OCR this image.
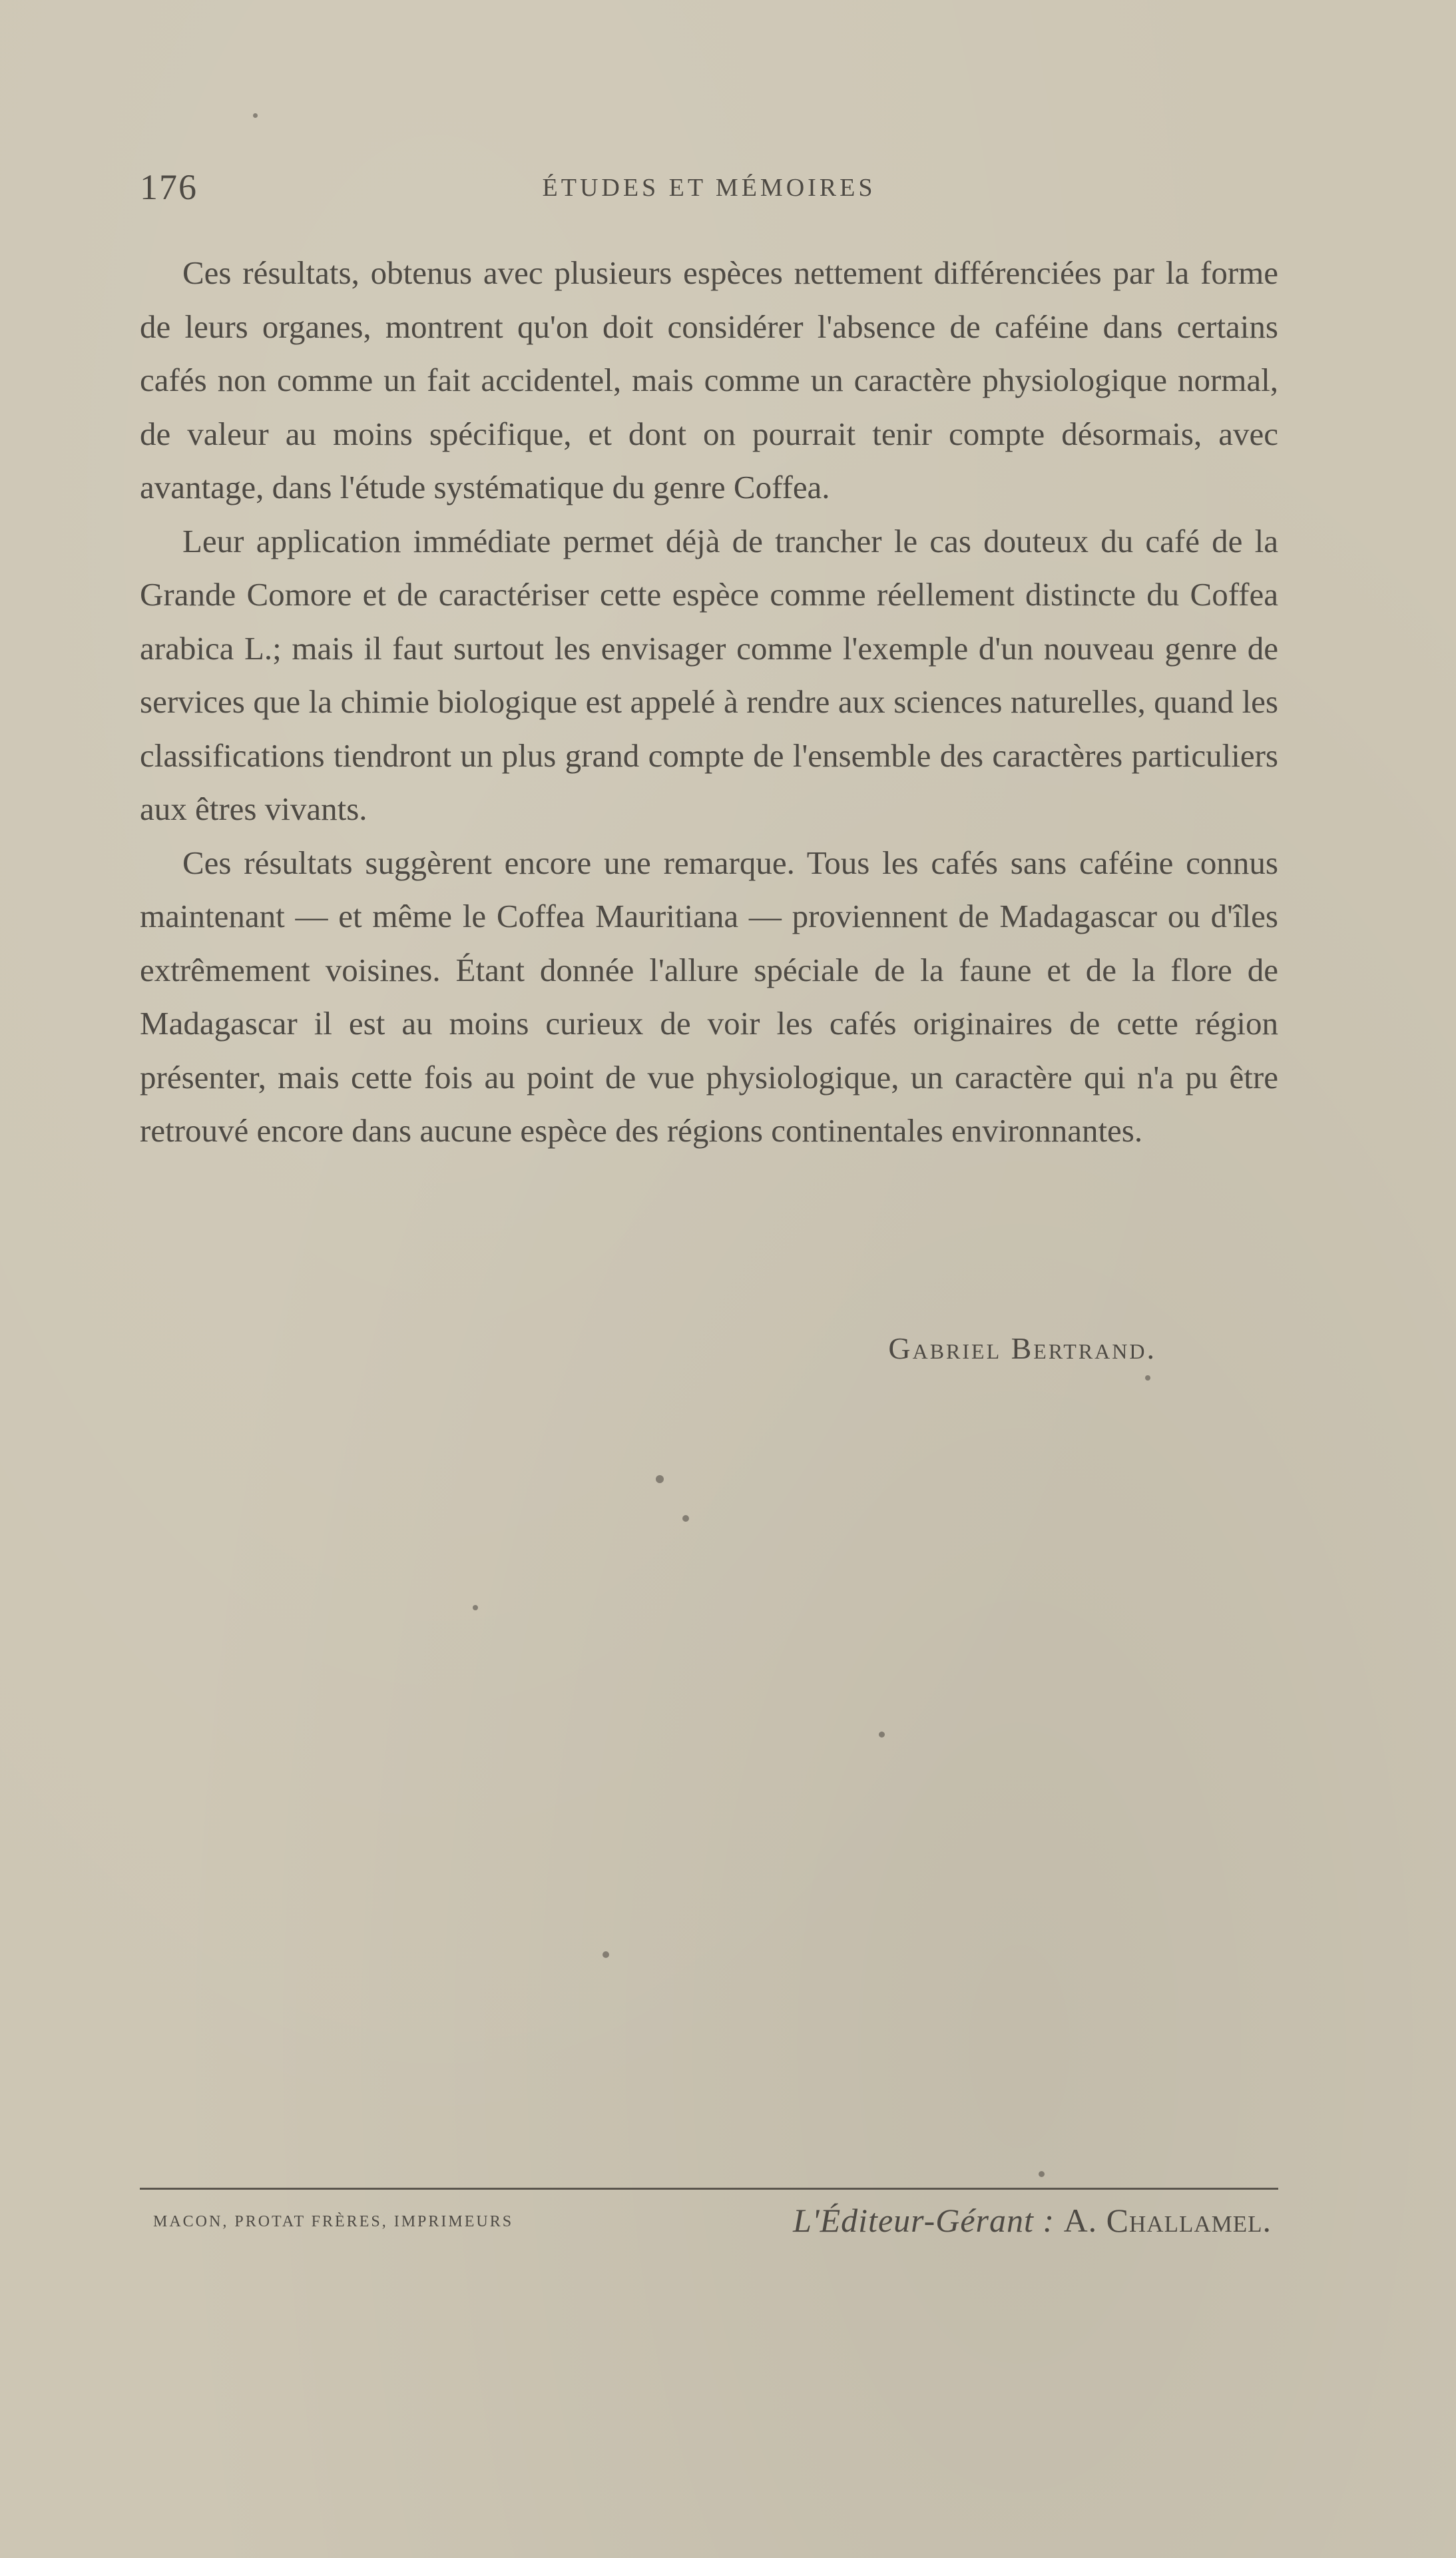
176	ÉTUDES ET MÉMOIRES

Ces résultats, obtenus avec plusieurs espèces nettement différenciées par la forme de leurs organes, montrent qu'on doit considérer l'absence de caféine dans certains cafés non comme un fait accidentel, mais comme un caractère physiologique normal, de valeur au moins spécifique, et dont on pourrait tenir compte désormais, avec avantage, dans l'étude systématique du genre Coffea.

Leur application immédiate permet déjà de trancher le cas douteux du café de la Grande Comore et de caractériser cette espèce comme réellement distincte du Coffea arabica L.; mais il faut surtout les envisager comme l'exemple d'un nouveau genre de services que la chimie biologique est appelé à rendre aux sciences naturelles, quand les classifications tiendront un plus grand compte de l'ensemble des caractères particuliers aux êtres vivants.

Ces résultats suggèrent encore une remarque. Tous les cafés sans caféine connus maintenant — et même le Coffea Mauritiana — proviennent de Madagascar ou d'îles extrêmement voisines. Étant donnée l'allure spéciale de la faune et de la flore de Madagascar il est au moins curieux de voir les cafés originaires de cette région présenter, mais cette fois au point de vue physiologique, un caractère qui n'a pu être retrouvé encore dans aucune espèce des régions continentales environnantes.

Gabriel Bertrand.
MACON, PROTAT FRÈRES, IMPRIMEURS	L'Éditeur-Gérant : A. Challamel.
